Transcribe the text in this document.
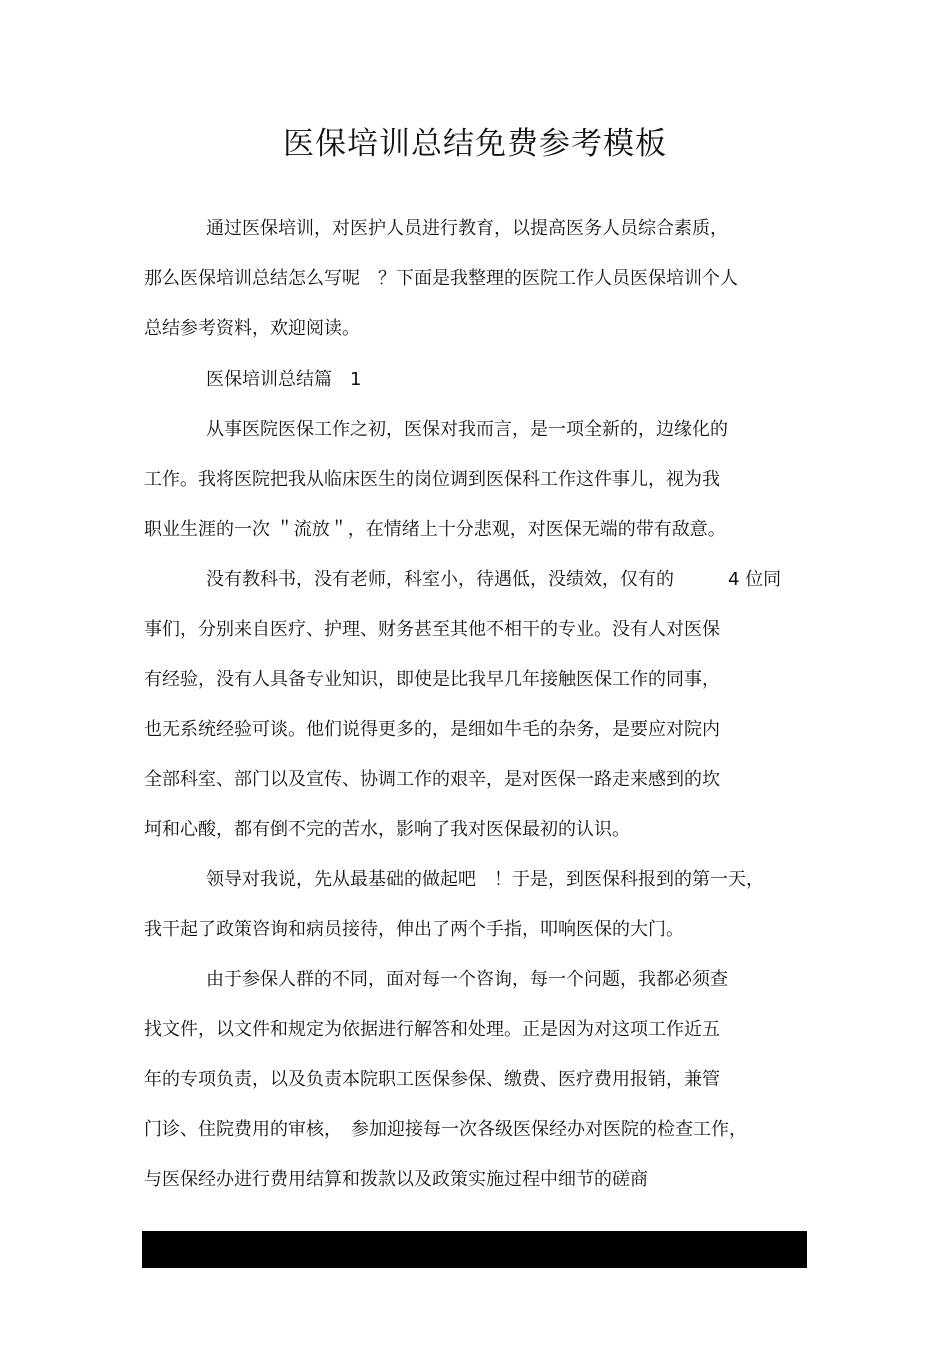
医保培训总结免费参考模板
通过医保培训，对医护人员进行教育，以提高医务人员综合素质，
那么医保培训总结怎么写呢　？下面是我整理的医院工作人员医保培训个人
总结参考资料，欢迎阅读。
医保培训总结篇　1
从事医院医保工作之初，医保对我而言，是一项全新的，边缘化的
工作。我将医院把我从临床医生的岗位调到医保科工作这件事儿，视为我
职业生涯的一次 ＂流放＂，在情绪上十分悲观，对医保无端的带有敌意。
没有教科书，没有老师，科室小，待遇低，没绩效，仅有的　　　4 位同
事们，分别来自医疗、护理、财务甚至其他不相干的专业。没有人对医保
有经验，没有人具备专业知识，即使是比我早几年接触医保工作的同事，
也无系统经验可谈。他们说得更多的，是细如牛毛的杂务，是要应对院内
全部科室、部门以及宣传、协调工作的艰辛，是对医保一路走来感到的坎
坷和心酸，都有倒不完的苦水，影响了我对医保最初的认识。
领导对我说，先从最基础的做起吧　！于是，到医保科报到的第一天，
我干起了政策咨询和病员接待，伸出了两个手指，叩响医保的大门。
由于参保人群的不同，面对每一个咨询，每一个问题，我都必须查
找文件，以文件和规定为依据进行解答和处理。正是因为对这项工作近五
年的专项负责，以及负责本院职工医保参保、缴费、医疗费用报销，兼管
门诊、住院费用的审核，　参加迎接每一次各级医保经办对医院的检查工作，
与医保经办进行费用结算和拨款以及政策实施过程中细节的磋商
